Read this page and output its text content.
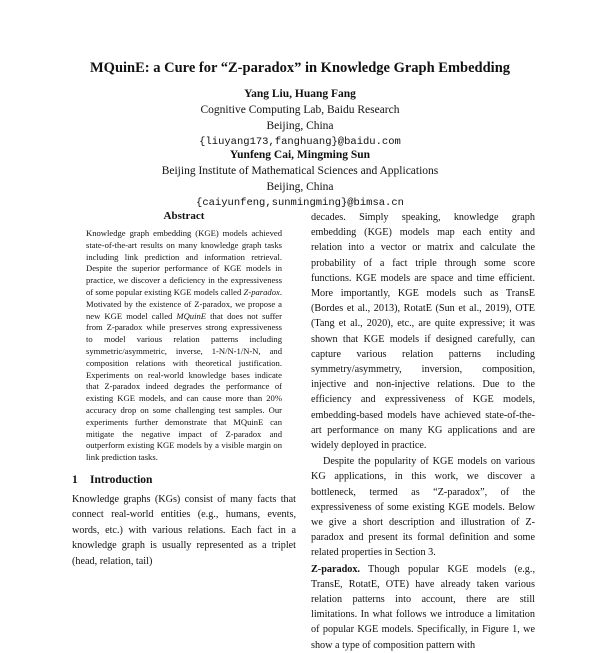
MQuinE: a Cure for “Z-paradox” in Knowledge Graph Embedding
Yang Liu, Huang Fang
Cognitive Computing Lab, Baidu Research
Beijing, China
{liuyang173,fanghuang}@baidu.com
Yunfeng Cai, Mingming Sun
Beijing Institute of Mathematical Sciences and Applications
Beijing, China
{caiyunfeng,sunmingming}@bimsa.cn
Abstract

Knowledge graph embedding (KGE) models achieved state-of-the-art results on many knowledge graph tasks including link prediction and information retrieval. Despite the superior performance of KGE models in practice, we discover a deficiency in the expressiveness of some popular existing KGE models called Z-paradox. Motivated by the existence of Z-paradox, we propose a new KGE model called MQuinE that does not suffer from Z-paradox while preserves strong expressiveness to model various relation patterns including symmetric/asymmetric, inverse, 1-N/N-1/N-N, and composition relations with theoretical justification. Experiments on real-world knowledge bases indicate that Z-paradox indeed degrades the performance of existing KGE models, and can cause more than 20% accuracy drop on some challenging test samples. Our experiments further demonstrate that MQuinE can mitigate the negative impact of Z-paradox and outperform existing KGE models by a visible margin on link prediction tasks.

1 Introduction

Knowledge graphs (KGs) consist of many facts that connect real-world entities (e.g., humans, events, words, etc.) with various relations. Each fact in a knowledge graph is usually represented as a triplet (head, relation, tail)

decades. Simply speaking, knowledge graph embedding (KGE) models map each entity and relation into a vector or matrix and calculate the probability of a fact triple through some score functions. KGE models are space and time efficient. More importantly, KGE models such as TransE (Bordes et al., 2013), RotatE (Sun et al., 2019), OTE (Tang et al., 2020), etc., are quite expressive; it was shown that KGE models if designed carefully, can capture various relation patterns including symmetry/asymmetry, inversion, composition, injective and non-injective relations. Due to the efficiency and expressiveness of KGE models, embedding-based models have achieved state-of-the-art performance on many KG applications and are widely deployed in practice.

Despite the popularity of KGE models on various KG applications, in this work, we discover a bottleneck, termed as “Z-paradox”, of the expressiveness of some existing KGE models. Below we give a short description and illustration of Z-paradox and present its formal definition and some related properties in Section 3.

Z-paradox. Though popular KGE models (e.g., TransE, RotatE, OTE) have already taken various relation patterns into account, there are still limitations. In what follows we introduce a limitation of popular KGE models. Specifically, in Figure 1, we show a type of composition pattern with
